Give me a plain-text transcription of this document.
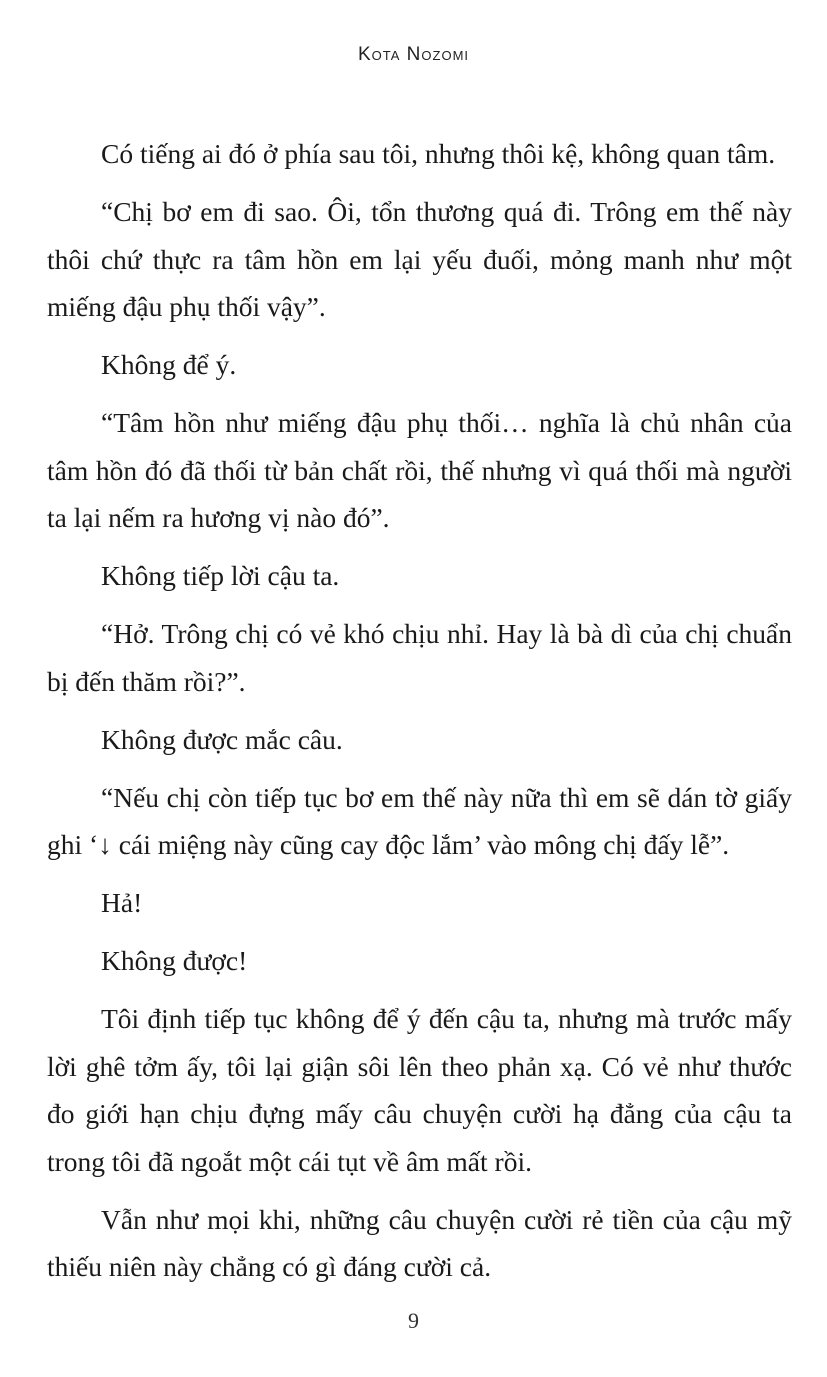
Kota Nozomi

Có tiếng ai đó ở phía sau tôi, nhưng thôi kệ, không quan tâm.

“Chị bơ em đi sao. Ôi, tổn thương quá đi. Trông em thế này thôi chứ thực ra tâm hồn em lại yếu đuối, mỏng manh như một miếng đậu phụ thối vậy”.

Không để ý.

“Tâm hồn như miếng đậu phụ thối… nghĩa là chủ nhân của tâm hồn đó đã thối từ bản chất rồi, thế nhưng vì quá thối mà người ta lại nếm ra hương vị nào đó”.

Không tiếp lời cậu ta.

“Hở. Trông chị có vẻ khó chịu nhỉ. Hay là bà dì của chị chuẩn bị đến thăm rồi?”.

Không được mắc câu.

“Nếu chị còn tiếp tục bơ em thế này nữa thì em sẽ dán tờ giấy ghi ‘↓ cái miệng này cũng cay độc lắm’ vào mông chị đấy lễ”.

Hả!

Không được!

Tôi định tiếp tục không để ý đến cậu ta, nhưng mà trước mấy lời ghê tởm ấy, tôi lại giận sôi lên theo phản xạ. Có vẻ như thước đo giới hạn chịu đựng mấy câu chuyện cười hạ đẳng của cậu ta trong tôi đã ngoắt một cái tụt về âm mất rồi.

Vẫn như mọi khi, những câu chuyện cười rẻ tiền của cậu mỹ thiếu niên này chẳng có gì đáng cười cả.

9
